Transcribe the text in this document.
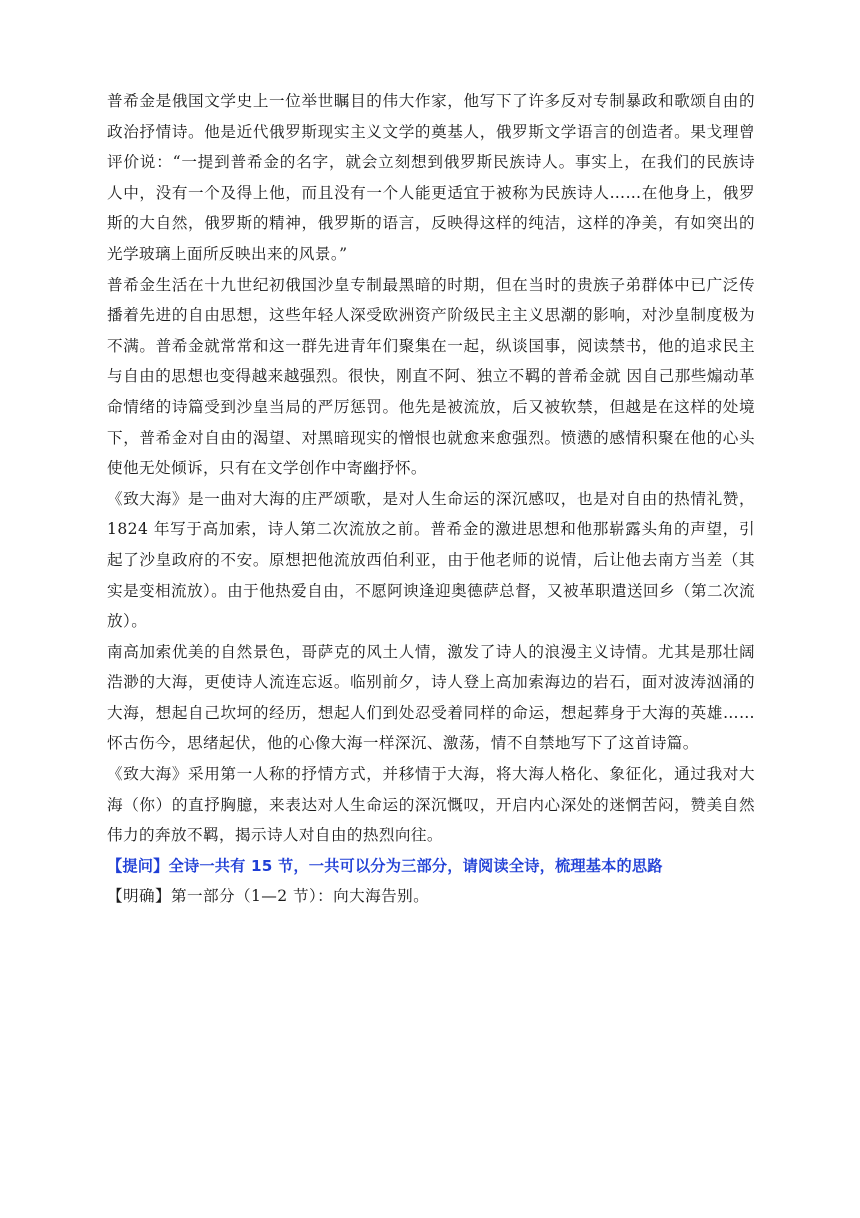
普希金是俄国文学史上一位举世瞩目的伟大作家，他写下了许多反对专制暴政和歌颂自由的政治抒情诗。他是近代俄罗斯现实主义文学的奠基人，俄罗斯文学语言的创造者。果戈理曾评价说：“一提到普希金的名字，就会立刻想到俄罗斯民族诗人。事实上，在我们的民族诗人中，没有一个及得上他，而且没有一个人能更适宜于被称为民族诗人……在他身上，俄罗斯的大自然，俄罗斯的精神，俄罗斯的语言，反映得这样的纯洁，这样的净美，有如突出的光学玻璃上面所反映出来的风景。”

普希金生活在十九世纪初俄国沙皇专制最黑暗的时期，但在当时的贵族子弟群体中已广泛传播着先进的自由思想，这些年轻人深受欧洲资产阶级民主主义思潮的影响，对沙皇制度极为不满。普希金就常常和这一群先进青年们聚集在一起，纵谈国事，阅读禁书，他的追求民主与自由的思想也变得越来越强烈。很快，刚直不阿、独立不羁的普希金就 因自己那些煽动革命情绪的诗篇受到沙皇当局的严厉惩罚。他先是被流放，后又被软禁，但越是在这样的处境下，普希金对自由的渴望、对黑暗现实的憎恨也就愈来愈强烈。愤懑的感情积聚在他的心头使他无处倾诉，只有在文学创作中寄幽抒怀。

《致大海》是一曲对大海的庄严颂歌，是对人生命运的深沉感叹，也是对自由的热情礼赞，1824 年写于高加索，诗人第二次流放之前。普希金的激进思想和他那崭露头角的声望，引起了沙皇政府的不安。原想把他流放西伯利亚，由于他老师的说情，后让他去南方当差（其实是变相流放）。由于他热爱自由，不愿阿谀逢迎奥德萨总督，又被革职遣送回乡（第二次流放）。

南高加索优美的自然景色，哥萨克的风土人情，激发了诗人的浪漫主义诗情。尤其是那壮阔浩渺的大海，更使诗人流连忘返。临别前夕，诗人登上高加索海边的岩石，面对波涛汹涌的大海，想起自己坎坷的经历，想起人们到处忍受着同样的命运，想起葬身于大海的英雄……怀古伤今，思绪起伏，他的心像大海一样深沉、激荡，情不自禁地写下了这首诗篇。

《致大海》采用第一人称的抒情方式，并移情于大海，将大海人格化、象征化，通过我对大海（你）的直抒胸臆，来表达对人生命运的深沉慨叹，开启内心深处的迷惘苦闷，赞美自然伟力的奔放不羁，揭示诗人对自由的热烈向往。

【提问】全诗一共有 15 节，一共可以分为三部分，请阅读全诗，梳理基本的思路

【明确】第一部分（1—2 节）：向大海告别。
